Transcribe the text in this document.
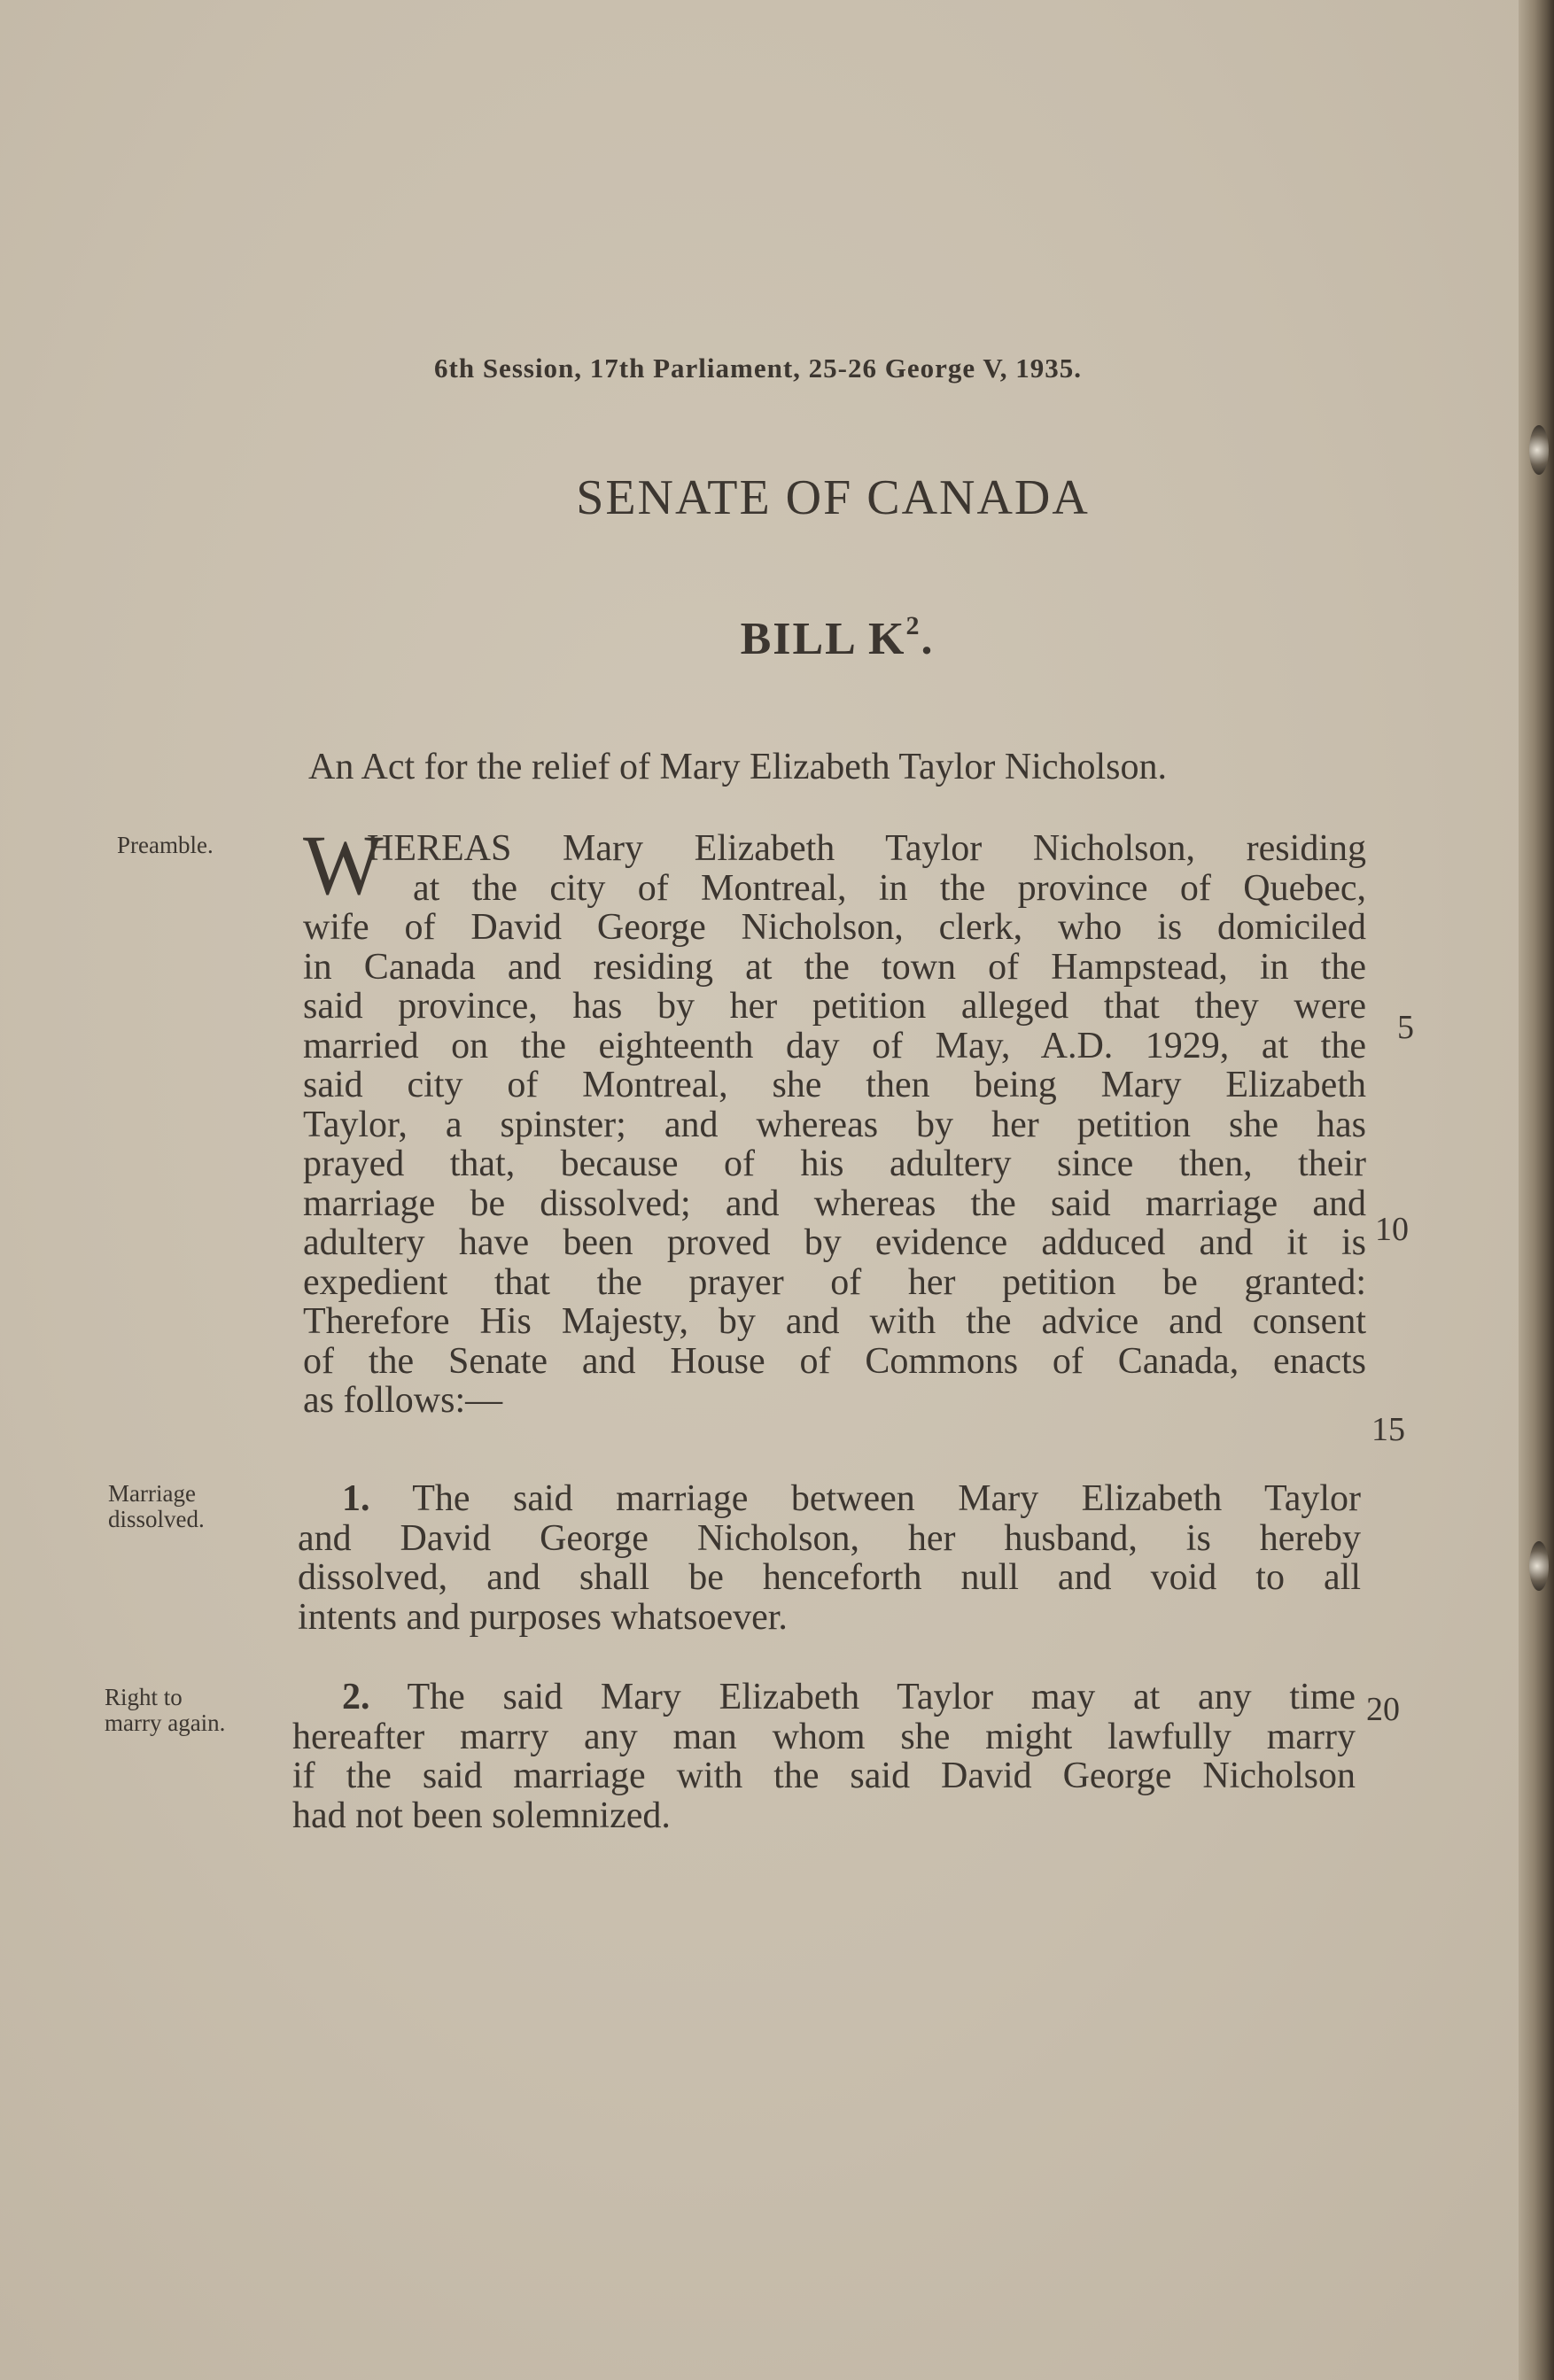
6th Session, 17th Parliament, 25-26 George V, 1935.
SENATE OF CANADA
BILL $K^2$.
An Act for the relief of Mary Elizabeth Taylor Nicholson.
Preamble.
Marriage
dissolved.
Right to
marry again.
W
HEREAS Mary Elizabeth Taylor Nicholson, residing
at the city of Montreal, in the province of Quebec,
wife of David George Nicholson, clerk, who is domiciled
in Canada and residing at the town of Hampstead, in the
said province, has by her petition alleged that they were
married on the eighteenth day of May, A.D. 1929, at the
said city of Montreal, she then being Mary Elizabeth
Taylor, a spinster; and whereas by her petition she has
prayed that, because of his adultery since then, their
marriage be dissolved; and whereas the said marriage and
adultery have been proved by evidence adduced and it is
expedient that the prayer of her petition be granted:
Therefore His Majesty, by and with the advice and consent
of the Senate and House of Commons of Canada, enacts
as follows:—
1. The said marriage between Mary Elizabeth Taylor
and David George Nicholson, her husband, is hereby
dissolved, and shall be henceforth null and void to all
intents and purposes whatsoever.
2. The said Mary Elizabeth Taylor may at any time
hereafter marry any man whom she might lawfully marry
if the said marriage with the said David George Nicholson
had not been solemnized.
5
10
15
20
